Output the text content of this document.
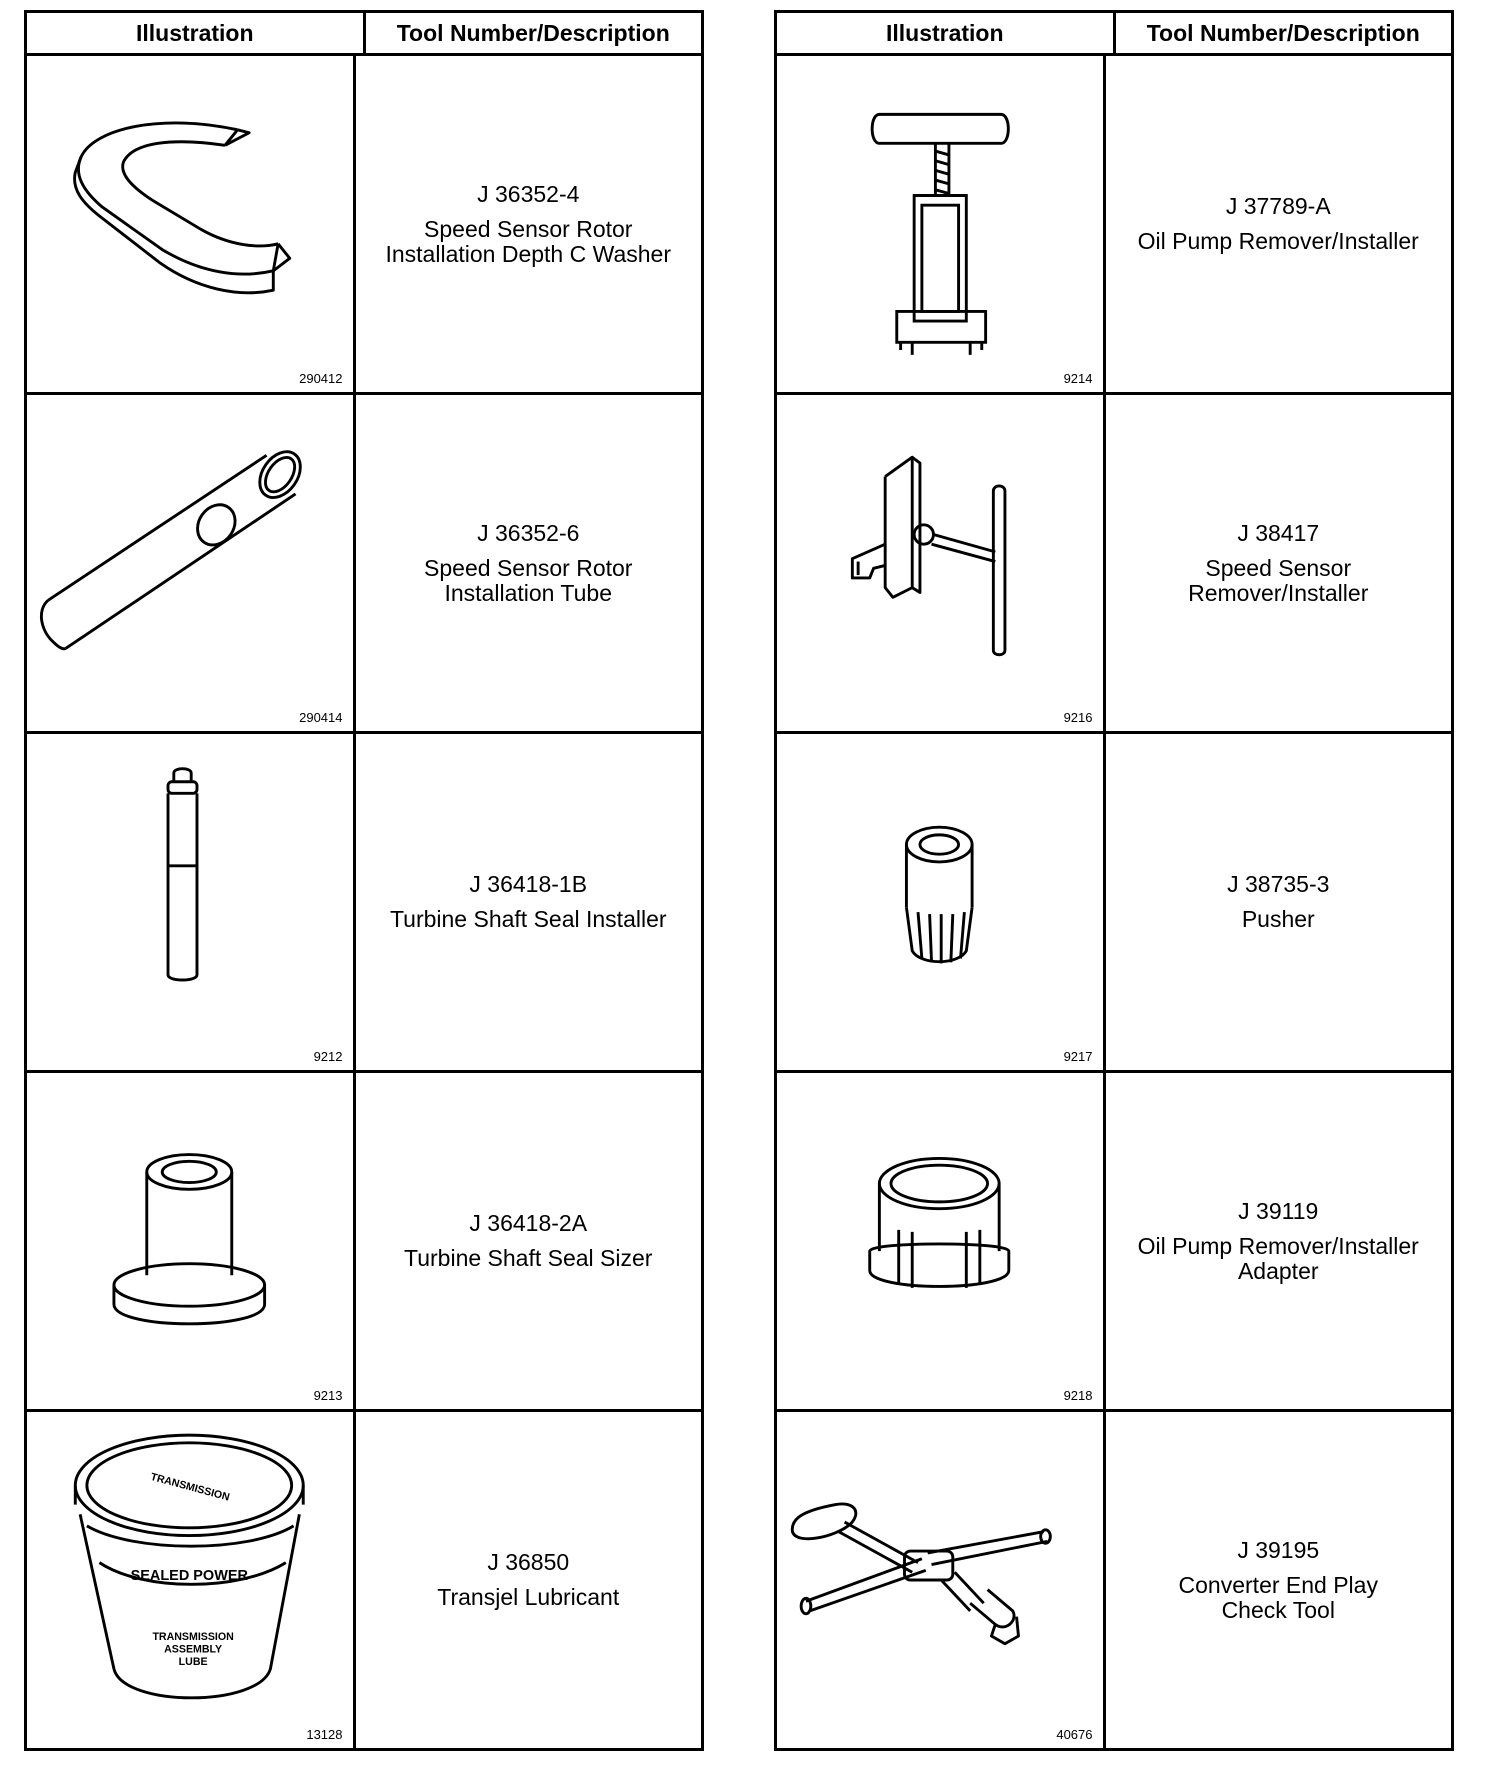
Illustration	Tool Number/Description
290412
J 36352-4
Speed Sensor Rotor
Installation Depth C Washer
290414
J 36352-6
Speed Sensor Rotor
Installation Tube
9212
J 36418-1B
Turbine Shaft Seal Installer
9213
J 36418-2A
Turbine Shaft Seal Sizer
TRANSMISSION
SEALED POWER
TRANSMISSION
ASSEMBLY
LUBE
13128
J 36850
Transjel Lubricant
Illustration	Tool Number/Description
9214
J 37789-A
Oil Pump Remover/Installer
9216
J 38417
Speed Sensor
Remover/Installer
9217
J 38735-3
Pusher
9218
J 39119
Oil Pump Remover/Installer
Adapter
40676
J 39195
Converter End Play
Check Tool
